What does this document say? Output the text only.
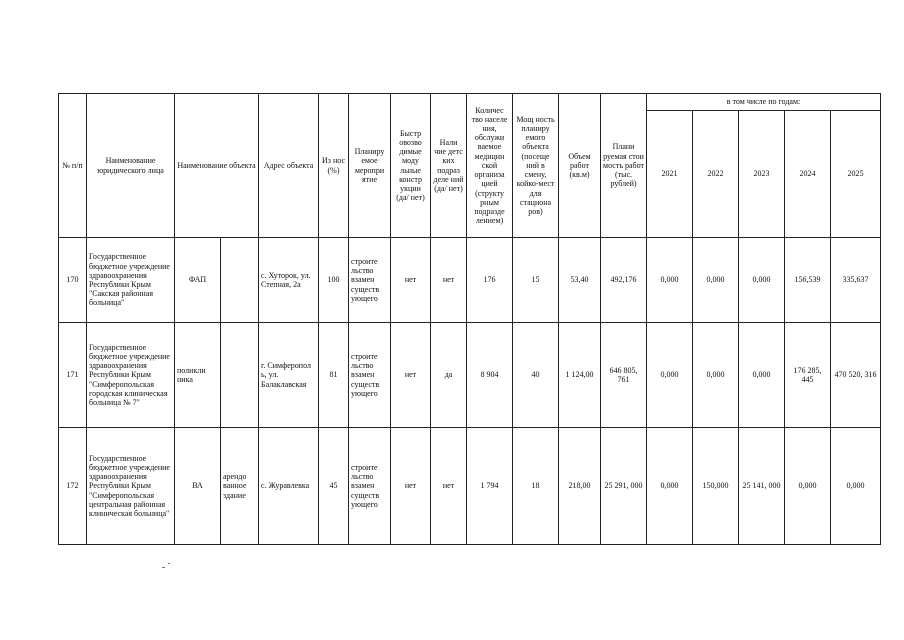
№ п/п	Наименование юридического лица	Наименование объекта		Адрес объекта	Из нос (%)	Планиру емое меропри ятие	Быстр овозво димые моду льные констр укции (да/ нет)	Нали чие детс ких подраз деле ний (да/ нет)	Количес тво населе ния, обслужи ваемое медицин ской организа цией (структу рным подразде лением)	Мощ ность планиру емого объекта (посеще ний в смену, койко-мест для стациона ров)	Объем работ (кв.м)	Плани руемая стои мость работ (тыс. рублей)	в том числе по годам:				
													2021	2022	2023	2024	2025
170	Государственное бюджетное учреждение здравоохранения Республики Крым "Сакская районная больница"	ФАП		с. Хуторок, ул. Степная, 2а	100	строите льство взамен существ ующего	нет	нет	176	15	53,40	492,176	0,000	0,000	0,000	156,539	335,637
171	Государственное бюджетное учреждение здравоохранения Республики Крым "Симферопольская городская клиническая больница № 7"	поликли ника		г. Симферопол ь, ул. Балаклавская	81	строите льство взамен существ ующего	нет	да	8 904	40	1 124,00	646 805, 761	0,000	0,000	0,000	176 285, 445	470 520, 316
172	Государственное бюджетное учреждение здравоохранения Республики Крым "Симферопольская центральная районная клиническая больница"	ВА	арендо ванное здание	с. Журавлевка	45	строите льство взамен существ ующего	нет	нет	1 794	18	218,00	25 291, 000	0,000	150,000	25 141, 000	0,000	0,000
